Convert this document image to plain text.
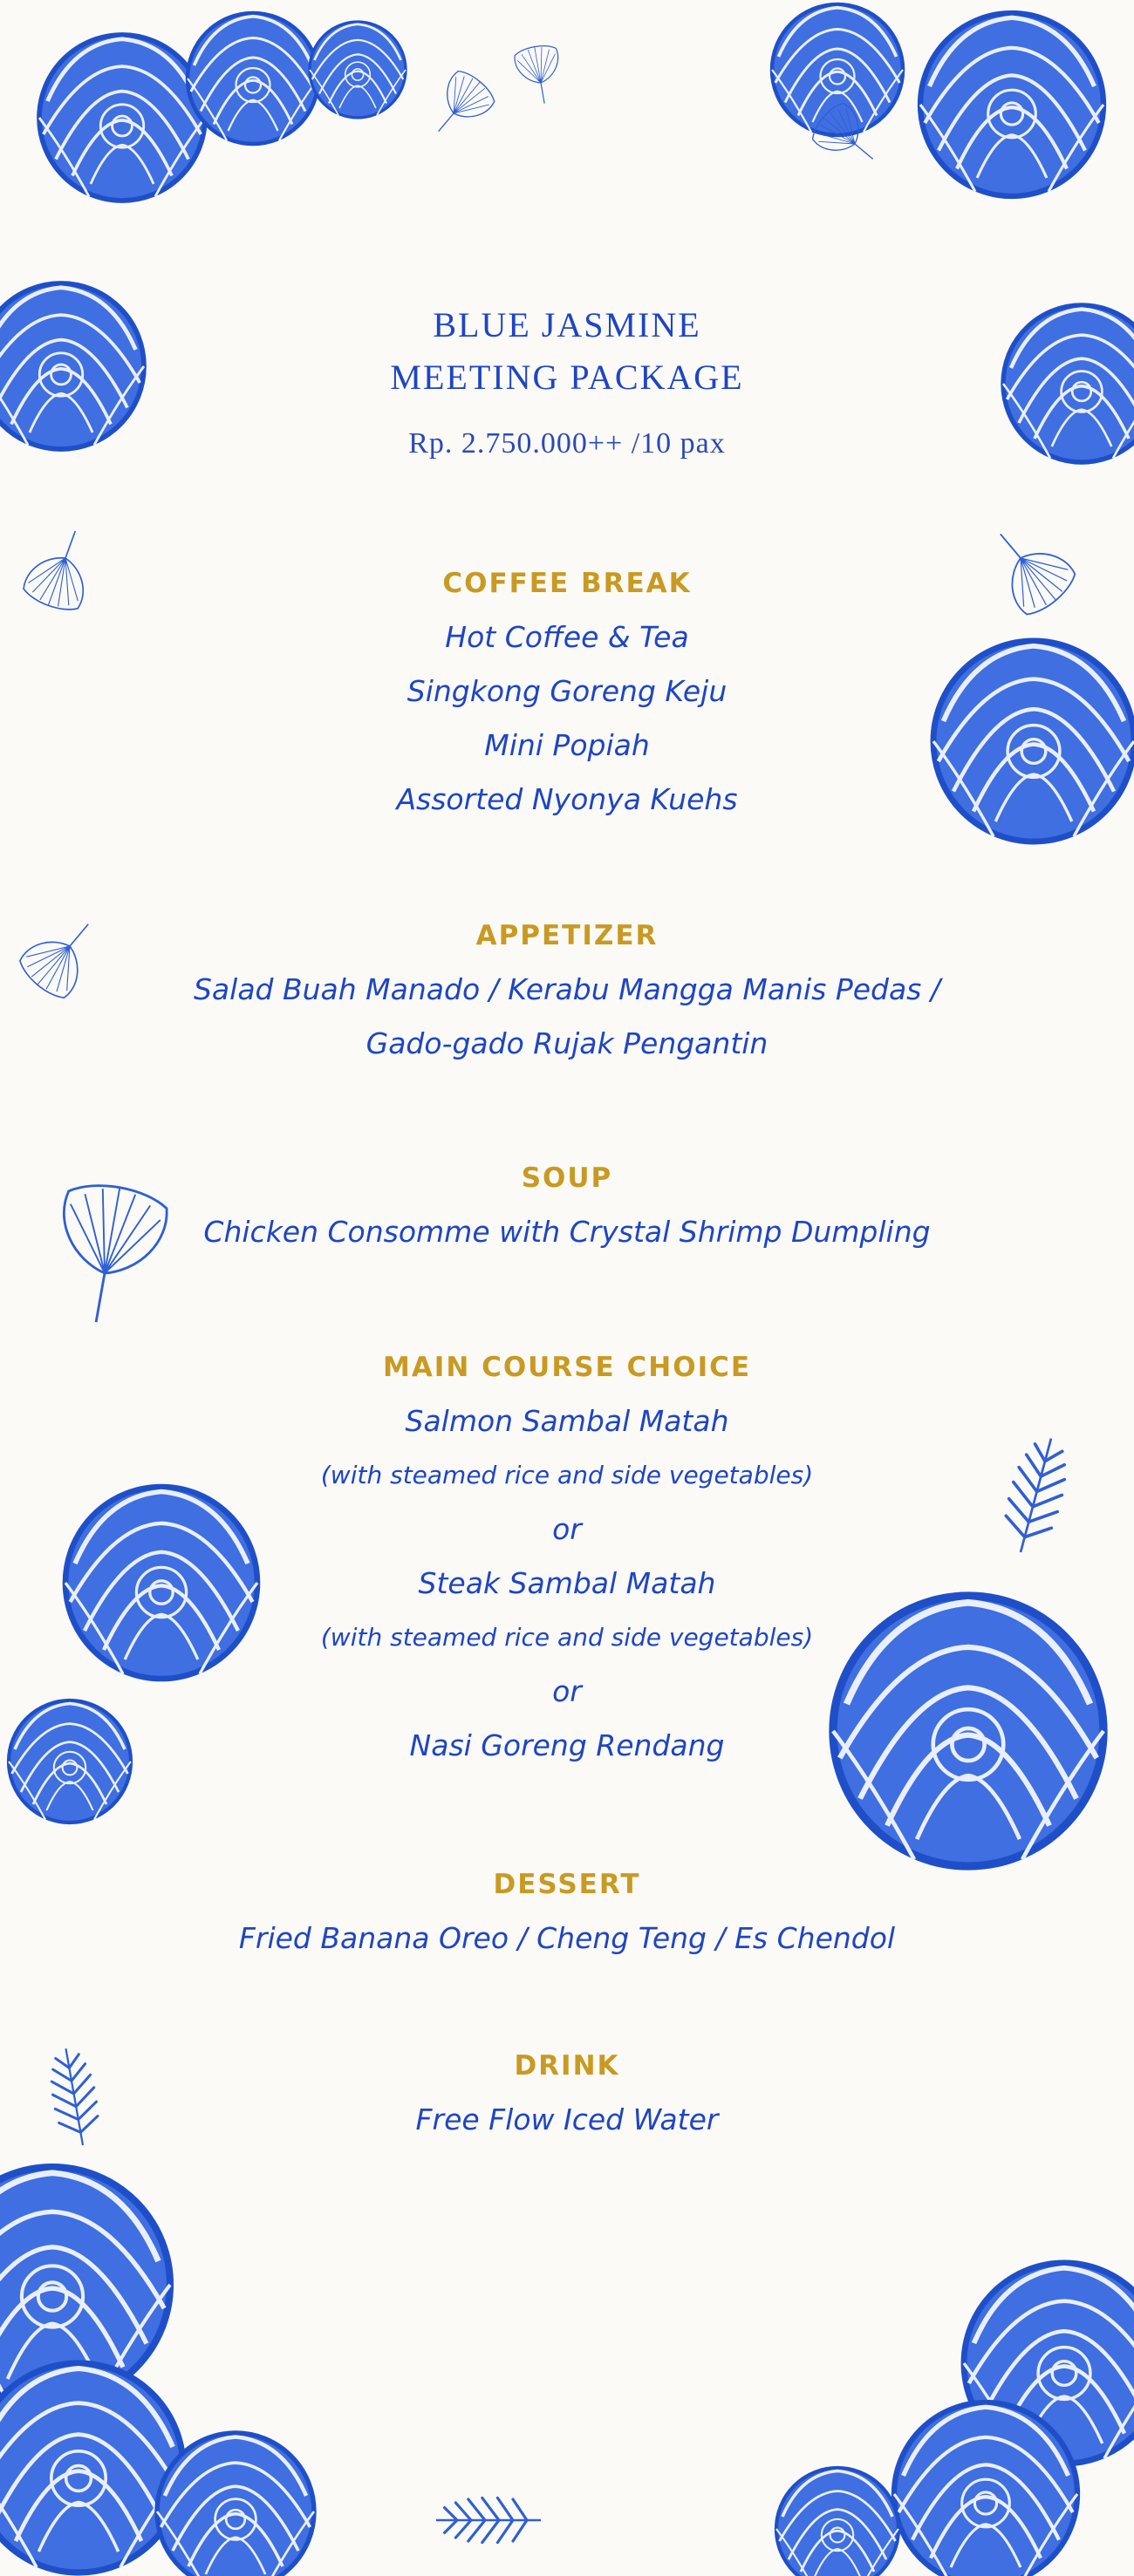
BLUE JASMINE
MEETING PACKAGE
Rp. 2.750.000++ /10 pax
COFFEE BREAK
Hot Coffee & Tea
Singkong Goreng Keju
Mini Popiah
Assorted Nyonya Kuehs
APPETIZER
Salad Buah Manado / Kerabu Mangga Manis Pedas /
Gado-gado Rujak Pengantin
SOUP
Chicken Consomme with Crystal Shrimp Dumpling
MAIN COURSE CHOICE
Salmon Sambal Matah
(with steamed rice and side vegetables)
or
Steak Sambal Matah
(with steamed rice and side vegetables)
or
Nasi Goreng Rendang
DESSERT
Fried Banana Oreo / Cheng Teng / Es Chendol
DRINK
Free Flow Iced Water
